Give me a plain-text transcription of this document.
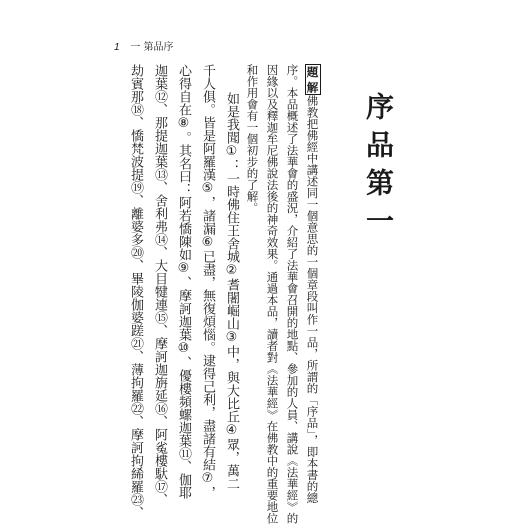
1 一 第品序
序品第一
題 解佛教把佛經中講述同一個意思的一個章段叫作一品，所謂的「序品」，即本書的總
序。本品概述了法華會的盛況，介紹了法華會召開的地點、參加的人員、講說《法華經》的
因緣以及釋迦牟尼佛說法後的神奇效果。通過本品，讀者對《法華經》在佛教中的重要地位
和作用會有一個初步的了解。
如是我聞①：一時佛住王舍城②耆闍崛山③中，與大比丘④眾，萬二
千人俱。皆是阿羅漢⑤，諸漏⑥已盡，無復煩惱。逮得己利，盡諸有結⑦，
心得自在⑧。其名曰：阿若憍陳如⑨、摩訶迦葉⑩、優樓頻螺迦葉⑪、伽耶
迦葉⑫、那提迦葉⑬、舍利弗⑭、大目犍連⑮、摩訶迦旃延⑯、阿㝹樓馱⑰、
劫賓那⑱、憍梵波提⑲、離婆多⑳、畢陵伽婆蹉㉑、薄拘羅㉒、摩訶拘絺羅㉓、
